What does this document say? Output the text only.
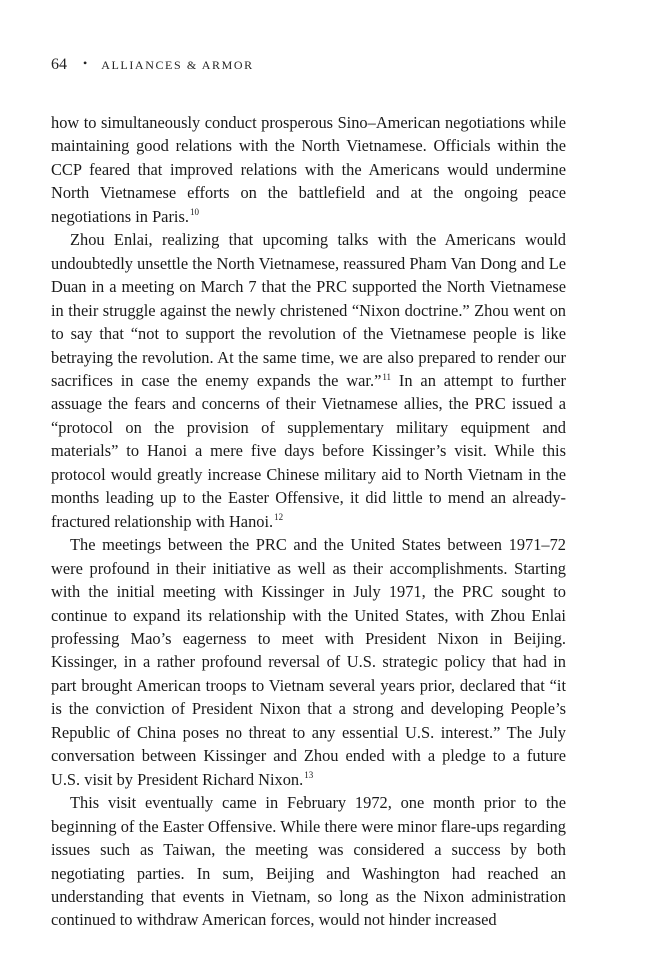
64 • ALLIANCES & ARMOR

how to simultaneously conduct prosperous Sino–American negotiations while maintaining good relations with the North Vietnamese. Officials within the CCP feared that improved relations with the Americans would undermine North Vietnamese efforts on the battlefield and at the ongoing peace negotiations in Paris.$^{10}$

Zhou Enlai, realizing that upcoming talks with the Americans would undoubtedly unsettle the North Vietnamese, reassured Pham Van Dong and Le Duan in a meeting on March 7 that the PRC supported the North Vietnamese in their struggle against the newly christened “Nixon doctrine.” Zhou went on to say that “not to support the revolution of the Vietnamese people is like betraying the revolution. At the same time, we are also prepared to render our sacrifices in case the enemy expands the war.”$^{11}$ In an attempt to further assuage the fears and concerns of their Vietnamese allies, the PRC issued a “protocol on the provision of supplementary military equipment and materials” to Hanoi a mere five days before Kissinger’s visit. While this protocol would greatly increase Chinese military aid to North Vietnam in the months leading up to the Easter Offensive, it did little to mend an already-fractured relationship with Hanoi.$^{12}$

The meetings between the PRC and the United States between 1971–72 were profound in their initiative as well as their accomplishments. Starting with the initial meeting with Kissinger in July 1971, the PRC sought to continue to expand its relationship with the United States, with Zhou Enlai professing Mao’s eagerness to meet with President Nixon in Beijing. Kissinger, in a rather profound reversal of U.S. strategic policy that had in part brought American troops to Vietnam several years prior, declared that “it is the conviction of President Nixon that a strong and developing People’s Republic of China poses no threat to any essential U.S. interest.” The July conversation between Kissinger and Zhou ended with a pledge to a future U.S. visit by President Richard Nixon.$^{13}$

This visit eventually came in February 1972, one month prior to the beginning of the Easter Offensive. While there were minor flare-ups regarding issues such as Taiwan, the meeting was considered a success by both negotiating parties. In sum, Beijing and Washington had reached an understanding that events in Vietnam, so long as the Nixon administration continued to withdraw American forces, would not hinder increased
